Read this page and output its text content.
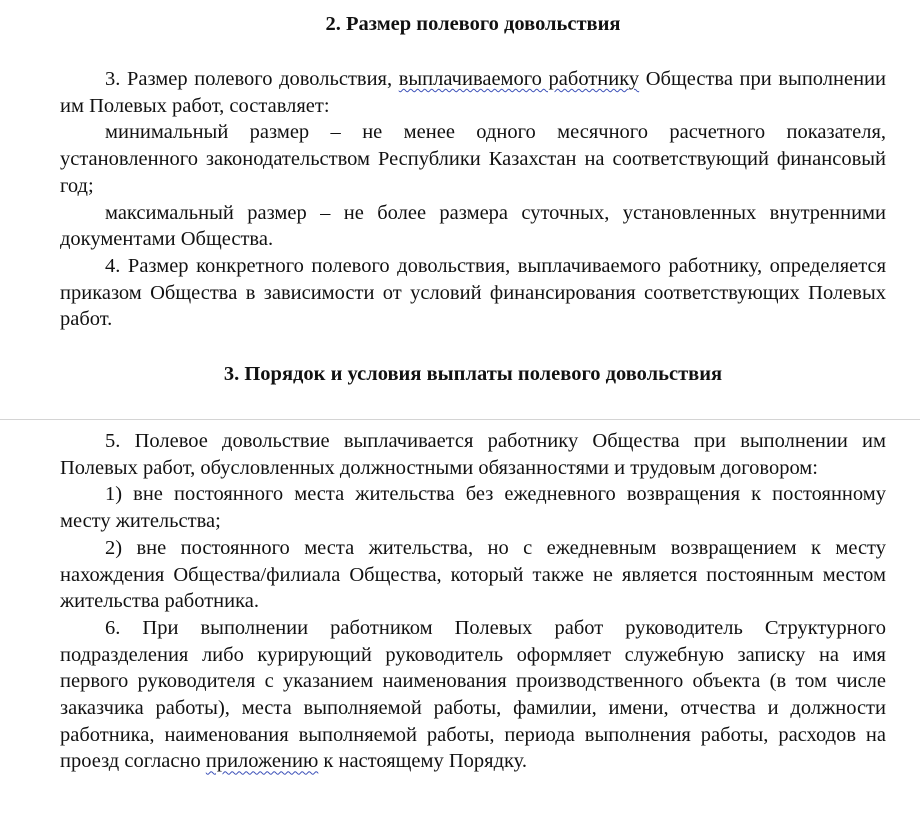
2. Размер полевого довольствия

3. Размер полевого довольствия, выплачиваемого работнику Общества при выполнении им Полевых работ, составляет:

минимальный размер – не менее одного месячного расчетного показателя, установленного законодательством Республики Казахстан на соответствующий финансовый год;

максимальный размер – не более размера суточных, установленных внутренними документами Общества.

4. Размер конкретного полевого довольствия, выплачиваемого работнику, определяется приказом Общества в зависимости от условий финансирования соответствующих Полевых работ.

3. Порядок и условия выплаты полевого довольствия

5. Полевое довольствие выплачивается работнику Общества при выполнении им Полевых работ, обусловленных должностными обязанностями и трудовым договором:

1) вне постоянного места жительства без ежедневного возвращения к постоянному месту жительства;

2) вне постоянного места жительства, но с ежедневным возвращением к месту нахождения Общества/филиала Общества, который также не является постоянным местом жительства работника.

6. При выполнении работником Полевых работ руководитель Структурного подразделения либо курирующий руководитель оформляет служебную записку на имя первого руководителя с указанием наименования производственного объекта (в том числе заказчика работы), места выполняемой работы, фамилии, имени, отчества и должности работника, наименования выполняемой работы, периода выполнения работы, расходов на проезд согласно приложению к настоящему Порядку.
